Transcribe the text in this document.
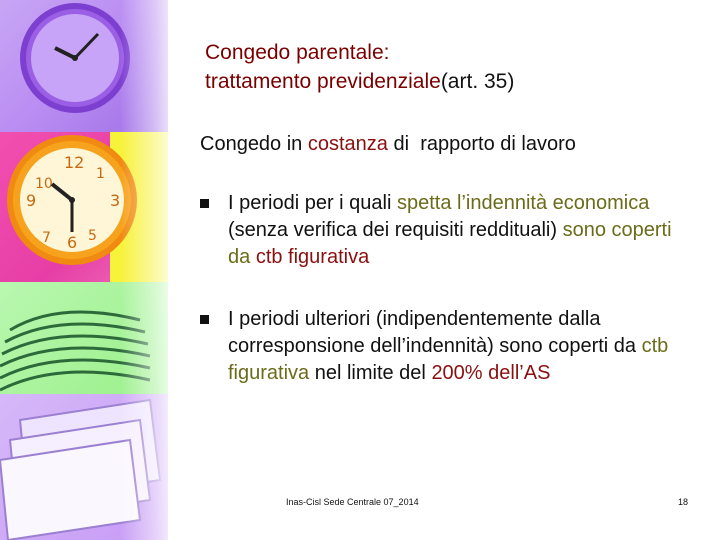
12
3
6
9
10
1
7	5
Congedo parentale:
trattamento previdenziale(art. 35)
Congedo in costanza di rapporto di lavoro
I periodi per i quali spetta l’indennità economica (senza verifica dei requisiti reddituali) sono coperti da ctb figurativa
I periodi ulteriori (indipendentemente dalla corresponsione dell’indennità) sono coperti da ctb figurativa nel limite del 200% dell’AS
Inas-Cisl Sede Centrale 07_2014	18
